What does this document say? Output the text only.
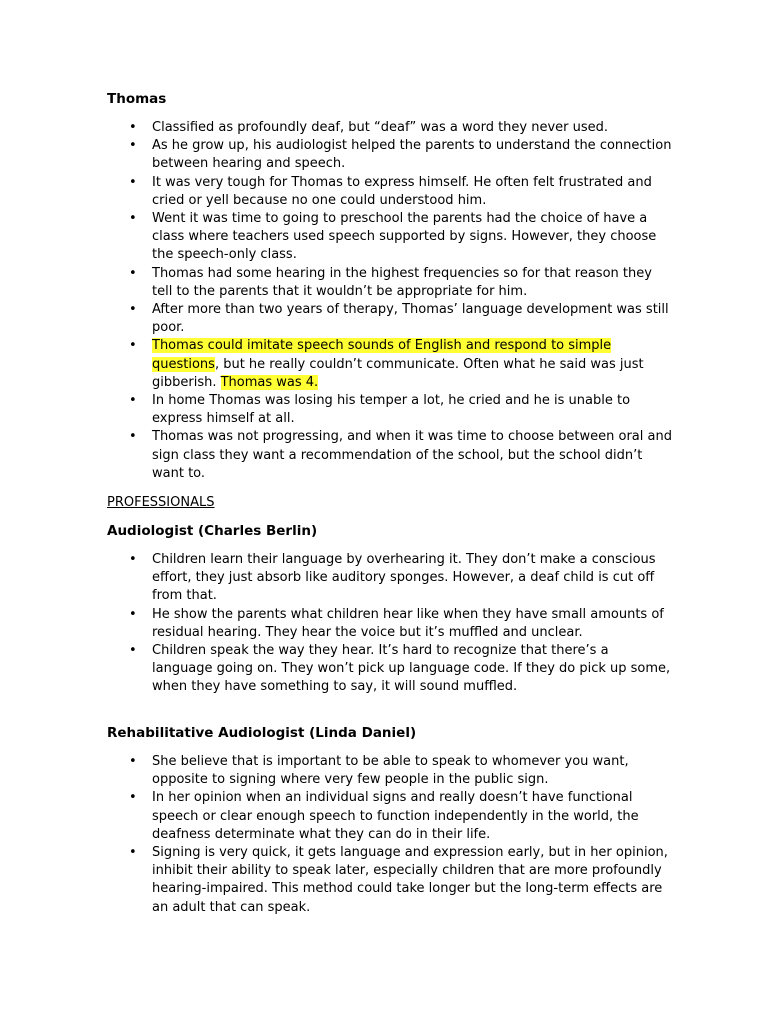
Thomas
• Classified as profoundly deaf, but “deaf” was a word they never used.
• As he grow up, his audiologist helped the parents to understand the connection between hearing and speech.
• It was very tough for Thomas to express himself. He often felt frustrated and cried or yell because no one could understood him.
• Went it was time to going to preschool the parents had the choice of have a class where teachers used speech supported by signs. However, they choose the speech-only class.
• Thomas had some hearing in the highest frequencies so for that reason they tell to the parents that it wouldn’t be appropriate for him.
• After more than two years of therapy, Thomas’ language development was still poor.
• Thomas could imitate speech sounds of English and respond to simple questions, but he really couldn’t communicate. Often what he said was just gibberish. Thomas was 4.
• In home Thomas was losing his temper a lot, he cried and he is unable to express himself at all.
• Thomas was not progressing, and when it was time to choose between oral and sign class they want a recommendation of the school, but the school didn’t want to.

PROFESSIONALS

Audiologist (Charles Berlin)
• Children learn their language by overhearing it. They don’t make a conscious effort, they just absorb like auditory sponges. However, a deaf child is cut off from that.
• He show the parents what children hear like when they have small amounts of residual hearing. They hear the voice but it’s muffled and unclear.
• Children speak the way they hear. It’s hard to recognize that there’s a language going on. They won’t pick up language code. If they do pick up some, when they have something to say, it will sound muffled.
Rehabilitative Audiologist (Linda Daniel)
• She believe that is important to be able to speak to whomever you want, opposite to signing where very few people in the public sign.
• In her opinion when an individual signs and really doesn’t have functional speech or clear enough speech to function independently in the world, the deafness determinate what they can do in their life.
• Signing is very quick, it gets language and expression early, but in her opinion, inhibit their ability to speak later, especially children that are more profoundly hearing-impaired. This method could take longer but the long-term effects are an adult that can speak.
